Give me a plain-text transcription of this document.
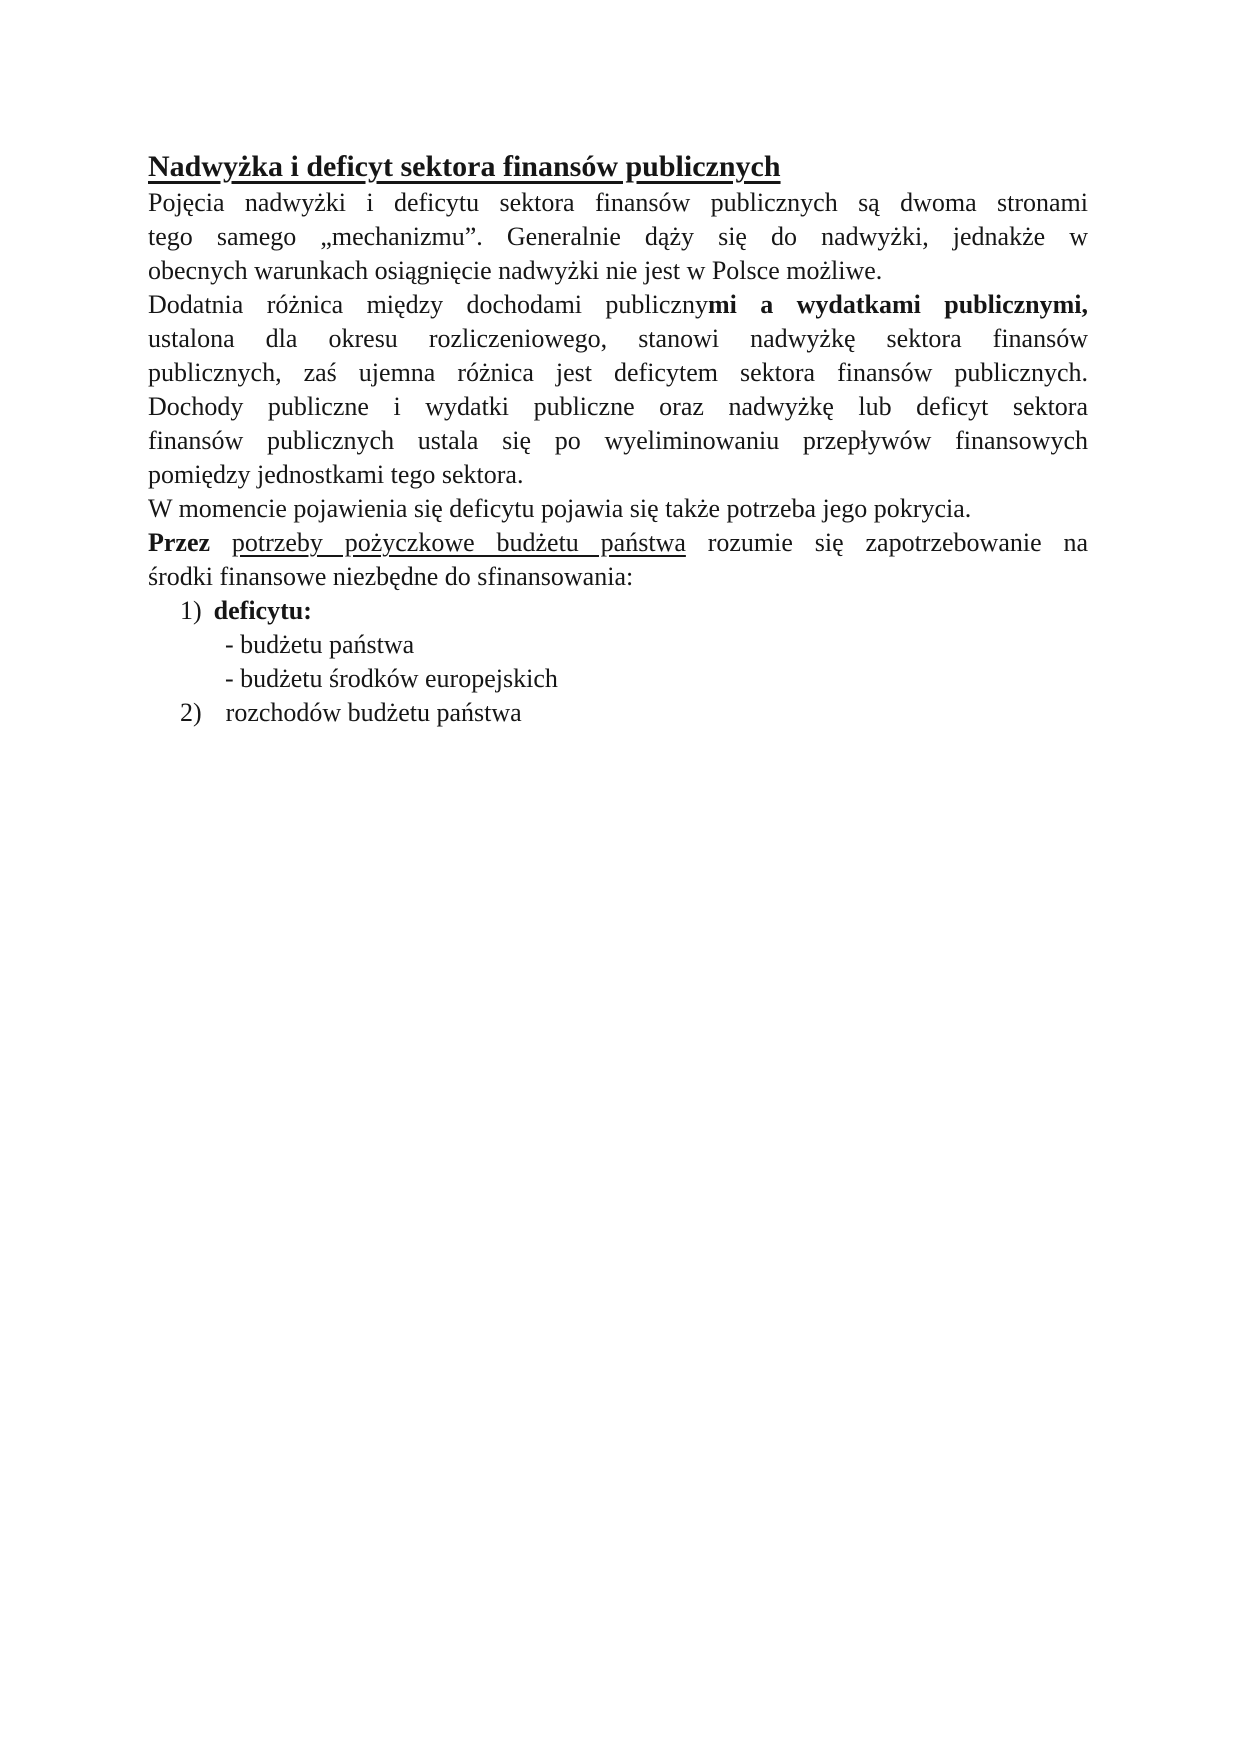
Nadwyżka i deficyt sektora finansów publicznych
Pojęcia nadwyżki i deficytu sektora finansów publicznych są dwoma stronami
tego samego „mechanizmu”. Generalnie dąży się do nadwyżki, jednakże w
obecnych warunkach osiągnięcie nadwyżki nie jest w Polsce możliwe.
Dodatnia różnica między dochodami publicznymi a wydatkami publicznymi,
ustalona dla okresu rozliczeniowego, stanowi nadwyżkę sektora finansów
publicznych, zaś ujemna różnica jest deficytem sektora finansów publicznych.
Dochody publiczne i wydatki publiczne oraz nadwyżkę lub deficyt sektora
finansów publicznych ustala się po wyeliminowaniu przepływów finansowych
pomiędzy jednostkami tego sektora.
W momencie pojawienia się deficytu pojawia się także potrzeba jego pokrycia.
Przez potrzeby pożyczkowe budżetu państwa rozumie się zapotrzebowanie na
środki finansowe niezbędne do sfinansowania:
1) deficytu:
- budżetu państwa
- budżetu środków europejskich
2) rozchodów budżetu państwa
